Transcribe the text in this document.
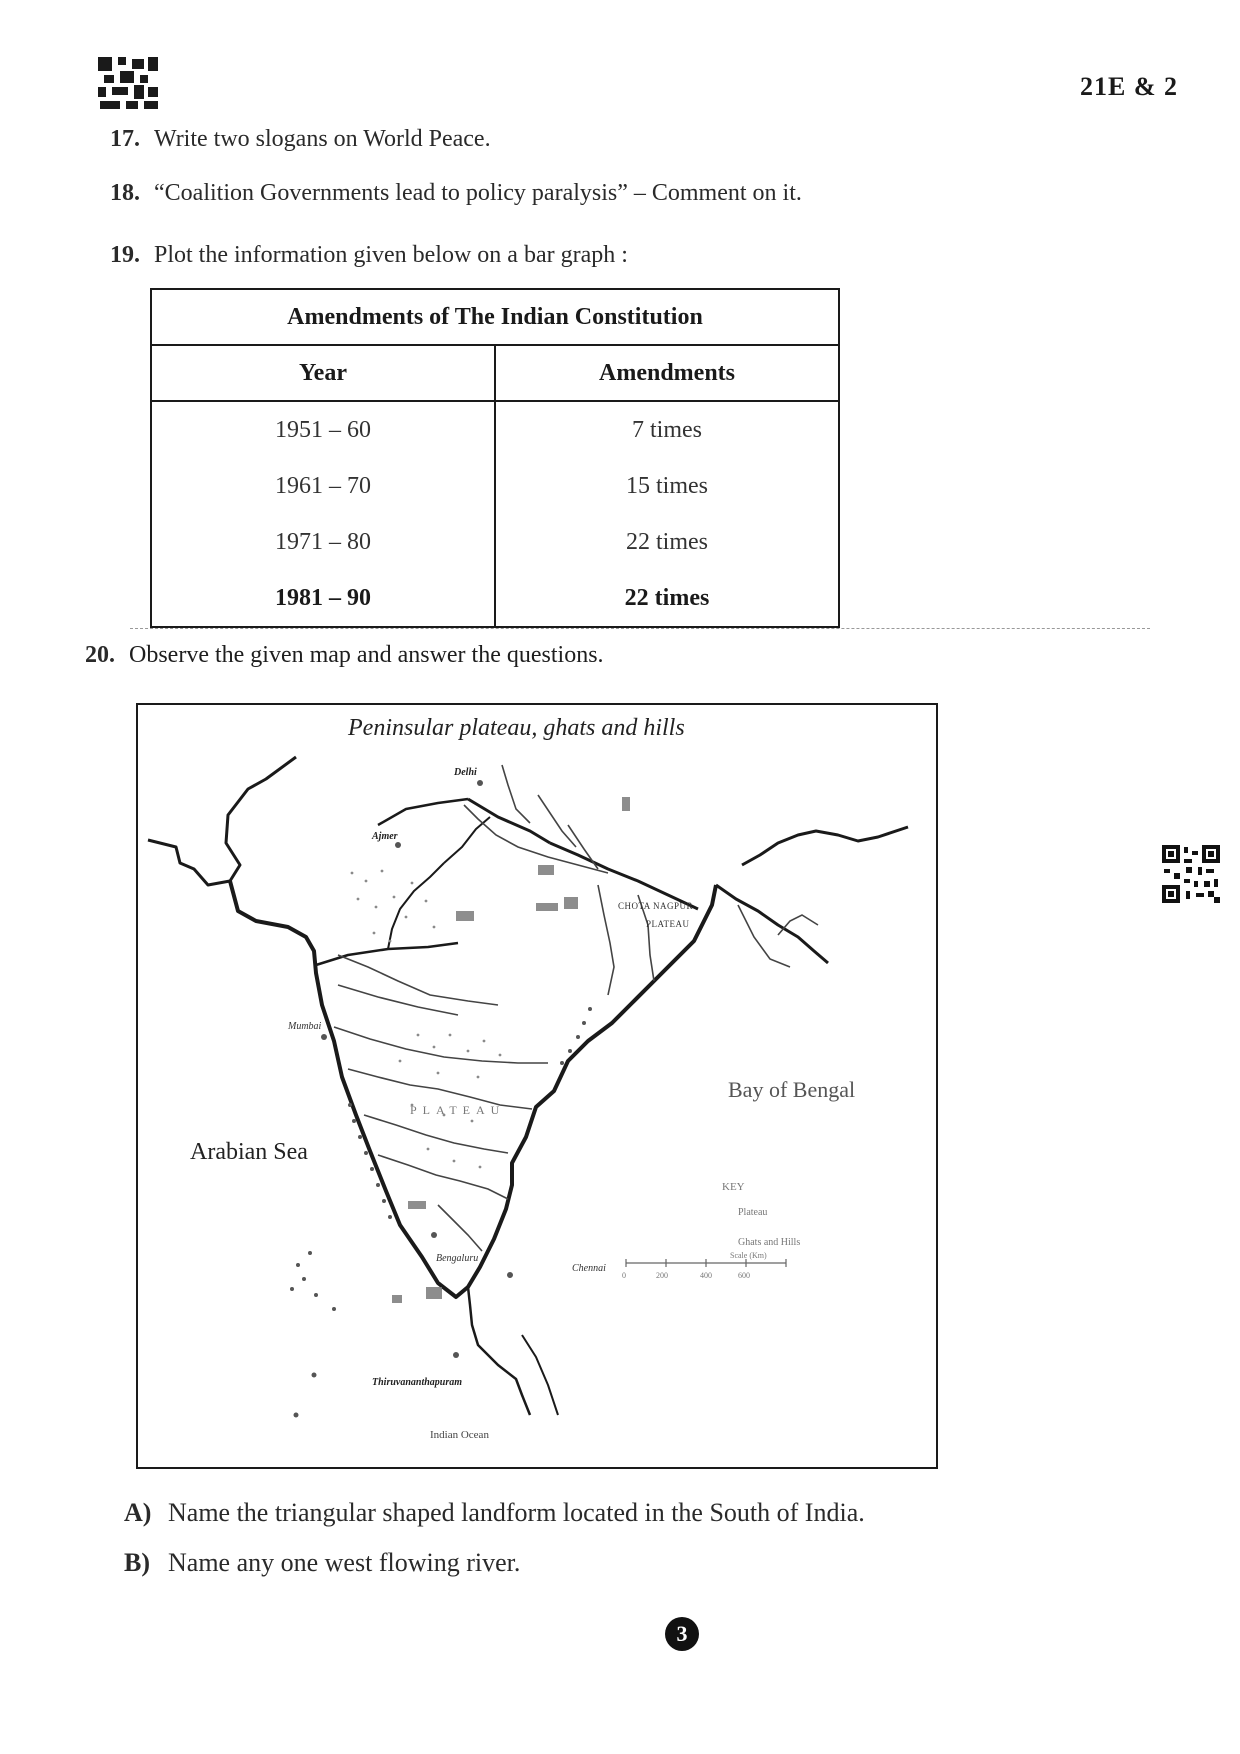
21E & 2
17. Write two slogans on World Peace.
18. “Coalition Governments lead to policy paralysis” – Comment on it.
19. Plot the information given below on a bar graph :
Amendments of The Indian Constitution	
Year	Amendments
1951 – 60	7 times
1961 – 70	15 times
1971 – 80	22 times
1981 – 90	22 times
20. Observe the given map and answer the questions.
Peninsular plateau, ghats and hills
Arabian Sea
Bay of Bengal
Indian Ocean
Delhi
Ajmer
Mumbai
Chennai
Bengaluru
Thiruvananthapuram
CHOTA NAGPUR
PLATEAU
PLATEAU
KEY
Plateau
Ghats and Hills
Scale (Km)
0	200	400	600
A) Name the triangular shaped landform located in the South of India.
B) Name any one west flowing river.
3
